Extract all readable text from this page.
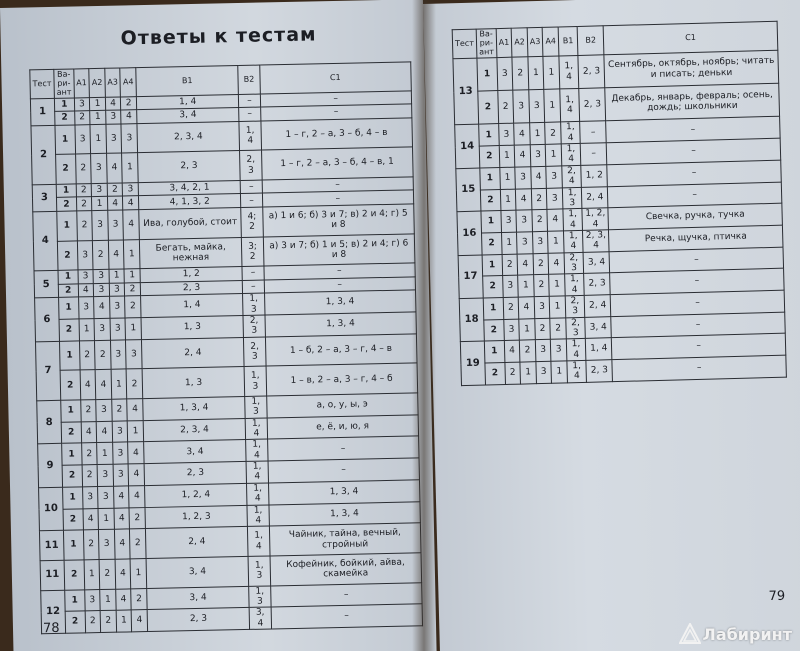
Ответы к тестам
Тест	Ва-
ри-
ант	А1	А2	А3	А4	В1	В2	С1
1	1	3	1	4	2	1, 4	–	–
	2	2	1	3	4	3, 4	–	–
2	1	3	1	3	3	2, 3, 4	1, 4	1 – г, 2 – а, 3 – б, 4 – в
	2	2	3	4	1	2, 3	2, 3	1 – г, 2 – а, 3 – б, 4 – в, 1
3	1	2	3	2	3	3, 4, 2, 1	–	–
	2	2	1	4	4	4, 1, 3, 2	–	–
4	1	2	3	3	4	Ива, голубой, стоит	4; 2	а) 1 и 6; б) 3 и 7; в) 2 и 4; г) 5 и 8
	2	3	2	4	1	Бегать, майка, нежная	3; 2	а) 3 и 7; б) 1 и 5; в) 2 и 4; г) 6 и 8
5	1	3	3	1	1	1, 2	–	–
	2	4	3	3	2	2, 3	–	–
6	1	3	4	3	2	1, 4	1, 3	1, 3, 4
	2	1	3	3	1	1, 3	2, 3	1, 3, 4
7	1	2	2	3	3	2, 4	2, 3	1 – б, 2 – а, 3 – г, 4 – в
	2	4	4	1	2	1, 3	1, 3	1 – в, 2 – а, 3 – г, 4 – б
8	1	2	3	2	4	1, 3, 4	1, 3	а, о, у, ы, э
	2	4	4	3	1	2, 3, 4	1, 4	е, ё, и, ю, я
9	1	2	1	3	4	3, 4	1, 4	–
	2	2	3	3	4	2, 3	1, 4	–
10	1	3	3	4	4	1, 2, 4	1, 4	1, 3, 4
	2	4	1	4	2	1, 2, 3	1, 4	1, 3, 4
11	1	2	3	4	2	2, 4	1, 4	Чайник, тайна, вечный, стройный
11	2	1	2	4	1	3, 4	1, 3	Кофейник, бойкий, айва, скамейка
12	1	3	1	4	2	3, 4	1, 3	–
	2	2	2	1	4	2, 3	3, 4	–
78
Тест	Ва-
ри-
ант	А1	А2	А3	А4	В1	В2	С1
13	1	3	2	1	1	1, 4	2, 3	Сентябрь, октябрь, ноябрь; читать и писать; деньки
	2	2	3	3	1	1, 4	2, 3	Декабрь, январь, февраль; осень, дождь; школьники
14	1	3	4	1	2	1, 4	–	–
	2	1	4	3	1	1, 4	–	–
15	1	1	3	4	3	2, 4	1, 2	–
	2	1	4	2	3	1, 3	2, 4	–
16	1	3	3	2	4	1, 4	1, 2, 4	Свечка, ручка, тучка
	2	1	3	3	1	1, 4	2, 3, 4	Речка, щучка, птичка
17	1	2	4	2	4	2, 3	3, 4	–
	2	3	1	2	1	1, 4	2, 3	–
18	1	2	4	3	1	2, 3	2, 4	–
	2	3	1	2	2	2, 3	3, 4	–
19	1	4	2	3	3	1, 4	1, 4	–
	2	2	1	3	1	1, 4	2, 3	–
79
Лабиринт
